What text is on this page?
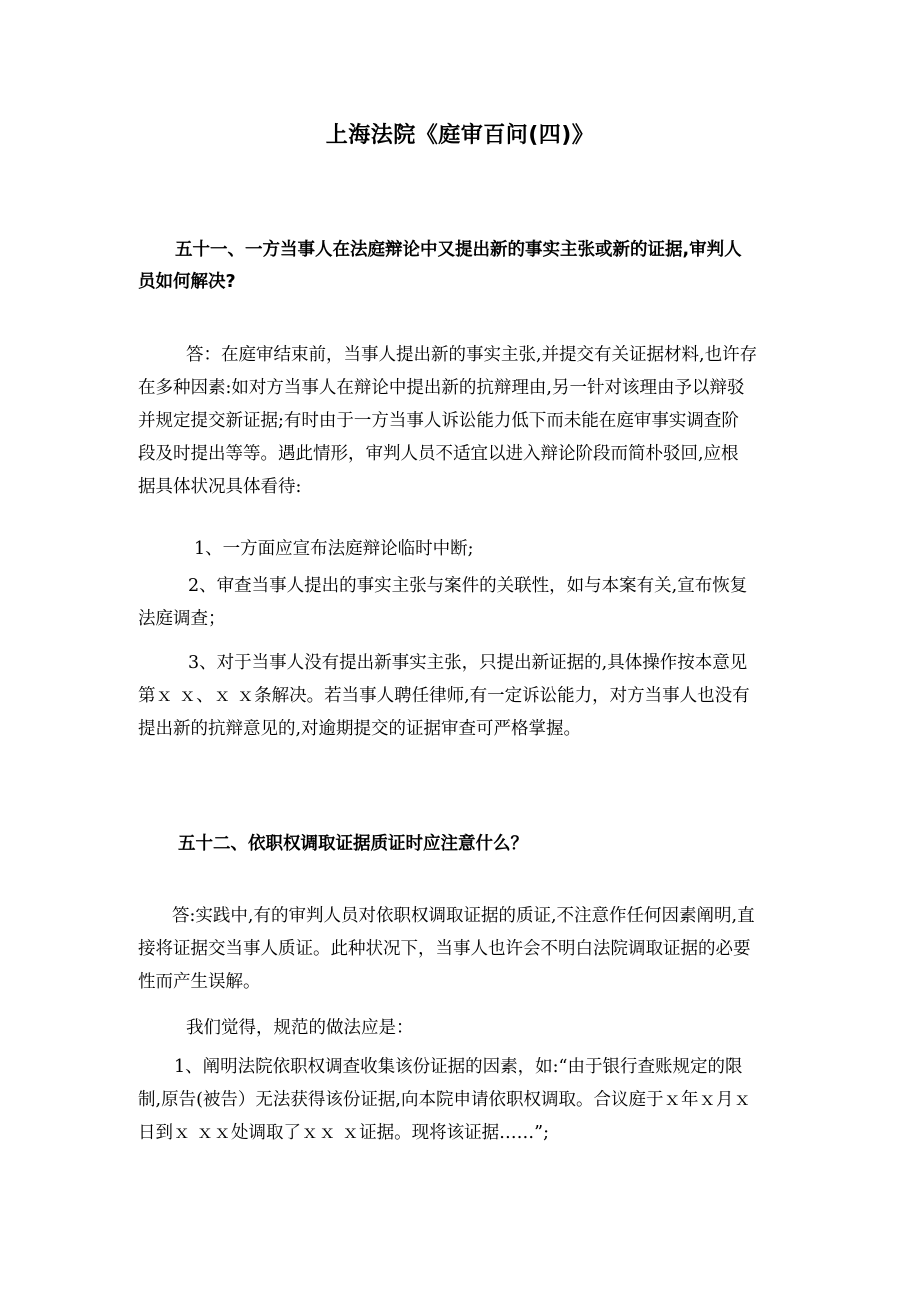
上海法院《庭审百问(四)》
五十一、一方当事人在法庭辩论中又提出新的事实主张或新的证据,审判人
员如何解决?
答：在庭审结束前，当事人提出新的事实主张,并提交有关证据材料,也许存
在多种因素:如对方当事人在辩论中提出新的抗辩理由,另一针对该理由予以辩驳
并规定提交新证据;有时由于一方当事人诉讼能力低下而未能在庭审事实调查阶
段及时提出等等。遇此情形，审判人员不适宜以进入辩论阶段而简朴驳回,应根
据具体状况具体看待:
1、一方面应宣布法庭辩论临时中断;
2、审查当事人提出的事实主张与案件的关联性，如与本案有关,宣布恢复
法庭调查；
3、对于当事人没有提出新事实主张，只提出新证据的,具体操作按本意见
第ｘ ｘ、ｘ ｘ条解决。若当事人聘任律师,有一定诉讼能力，对方当事人也没有
提出新的抗辩意见的,对逾期提交的证据审查可严格掌握。
五十二、依职权调取证据质证时应注意什么？
答:实践中,有的审判人员对依职权调取证据的质证,不注意作任何因素阐明,直
接将证据交当事人质证。此种状况下，当事人也许会不明白法院调取证据的必要
性而产生误解。
我们觉得，规范的做法应是：
1、阐明法院依职权调查收集该份证据的因素，如:“由于银行查账规定的限
制,原告(被告）无法获得该份证据,向本院申请依职权调取。合议庭于ｘ年ｘ月ｘ
日到ｘ ｘｘ处调取了ｘｘ ｘ证据。现将该证据……”;
